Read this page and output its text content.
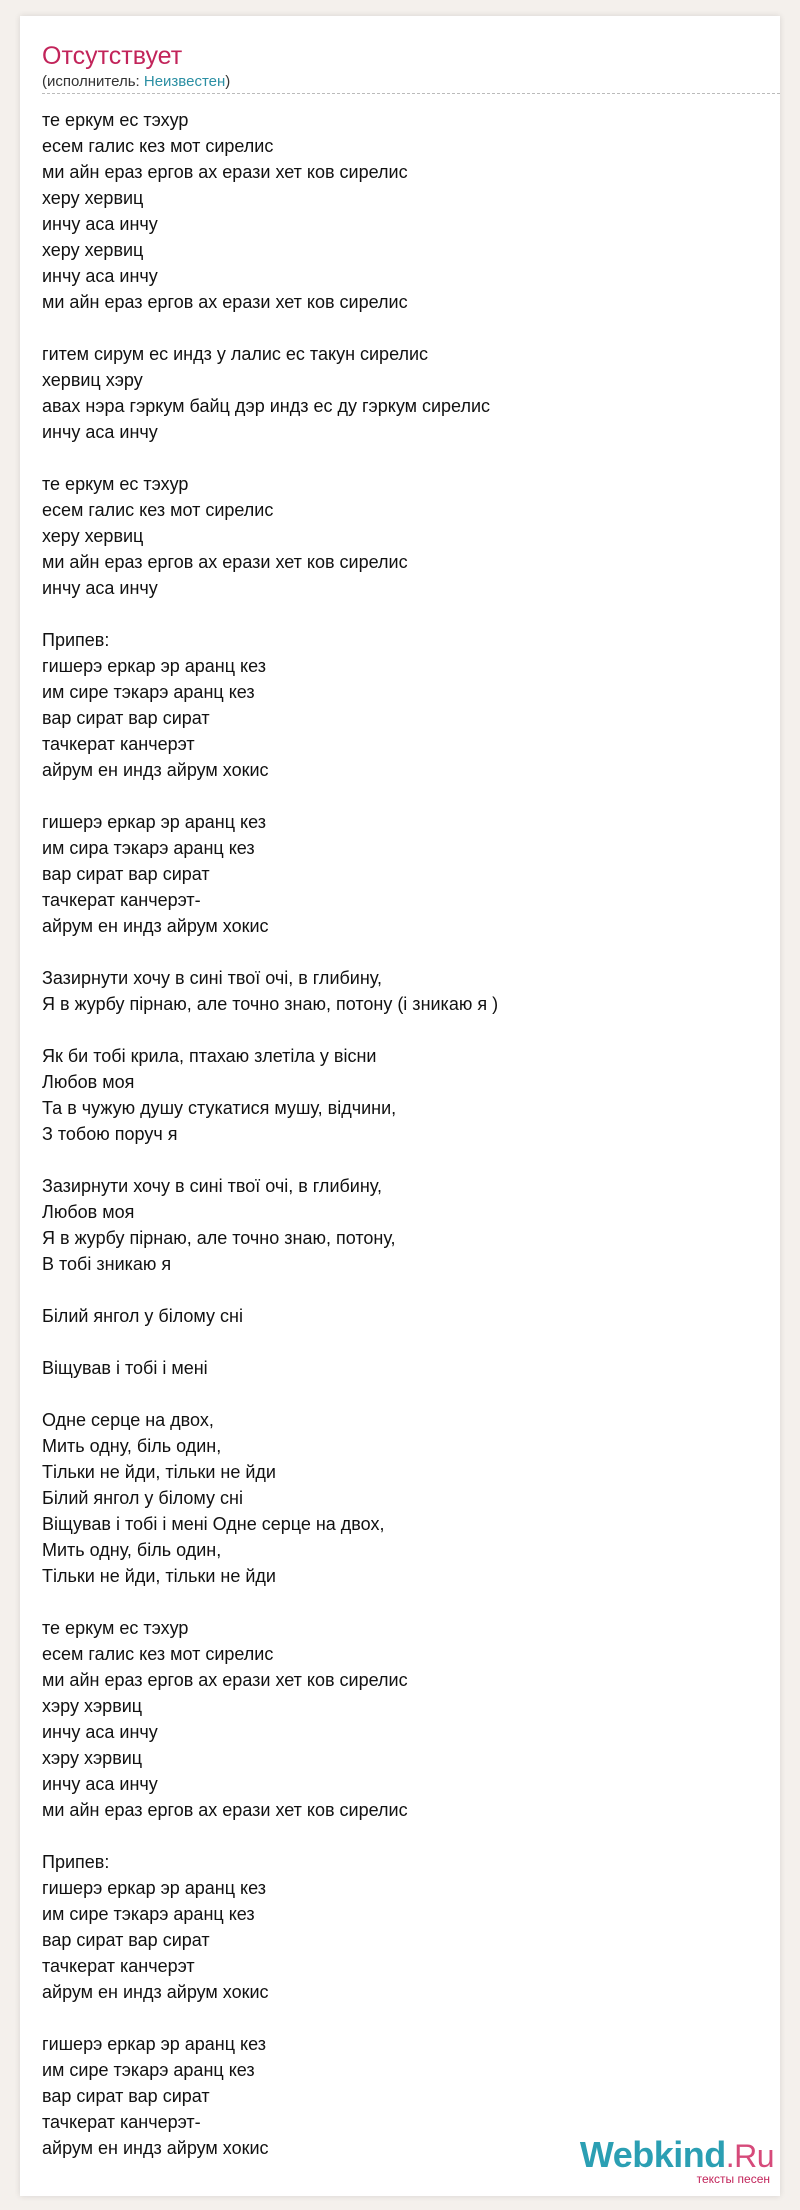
Отсутствует
(исполнитель: Неизвестен)
те еркум ес тэхур
есем галис кез мот сирелис
ми айн ераз ергов ах ерази хет ков сирелис
херу хервиц
инчу аса инчу
херу хервиц
инчу аса инчу
ми айн ераз ергов ах ерази хет ков сирелис
гитем сирум ес индз у лалис ес такун сирелис
хервиц хэру
авах нэра гэркум байц дэр индз ес ду гэркум сирелис
инчу аса инчу
те еркум ес тэхур
есем галис кез мот сирелис
херу хервиц
ми айн ераз ергов ах ерази хет ков сирелис
инчу аса инчу
Припев:
гишерэ еркар эр аранц кез
им сире тэкарэ аранц кез
вар сират вар сират
тачкерат канчерэт
айрум ен индз айрум хокис
гишерэ еркар эр аранц кез
им сира тэкарэ аранц кез
вар сират вар сират
тачкерат канчерэт-
айрум ен индз айрум хокис
Зазирнути хочу в сині твої очі, в глибину,
Я в журбу пірнаю, але точно знаю, потону (і зникаю я )
Як би тобі крила, птахаю злетіла у вісни
Любов моя
Та в чужую душу стукатися мушу, відчини,
З тобою поруч я
Зазирнути хочу в сині твої очі, в глибину,
Любов моя
Я в журбу пірнаю, але точно знаю, потону,
В тобі зникаю я
Білий янгол у білому сні
Віщував і тобі і мені
Одне серце на двох,
Мить одну, біль один,
Тільки не йди, тільки не йди
Білий янгол у білому сні
Віщував і тобі і мені Одне серце на двох,
Мить одну, біль один,
Тільки не йди, тільки не йди
те еркум ес тэхур
есем галис кез мот сирелис
ми айн ераз ергов ах ерази хет ков сирелис
хэру хэрвиц
инчу аса инчу
хэру хэрвиц
инчу аса инчу
ми айн ераз ергов ах ерази хет ков сирелис
Припев:
гишерэ еркар эр аранц кез
им сире тэкарэ аранц кез
вар сират вар сират
тачкерат канчерэт
айрум ен индз айрум хокис
гишерэ еркар эр аранц кез
им сире тэкарэ аранц кез
вар сират вар сират
тачкерат канчерэт-
айрум ен индз айрум хокис	Webkind.Ru
тексты песен
